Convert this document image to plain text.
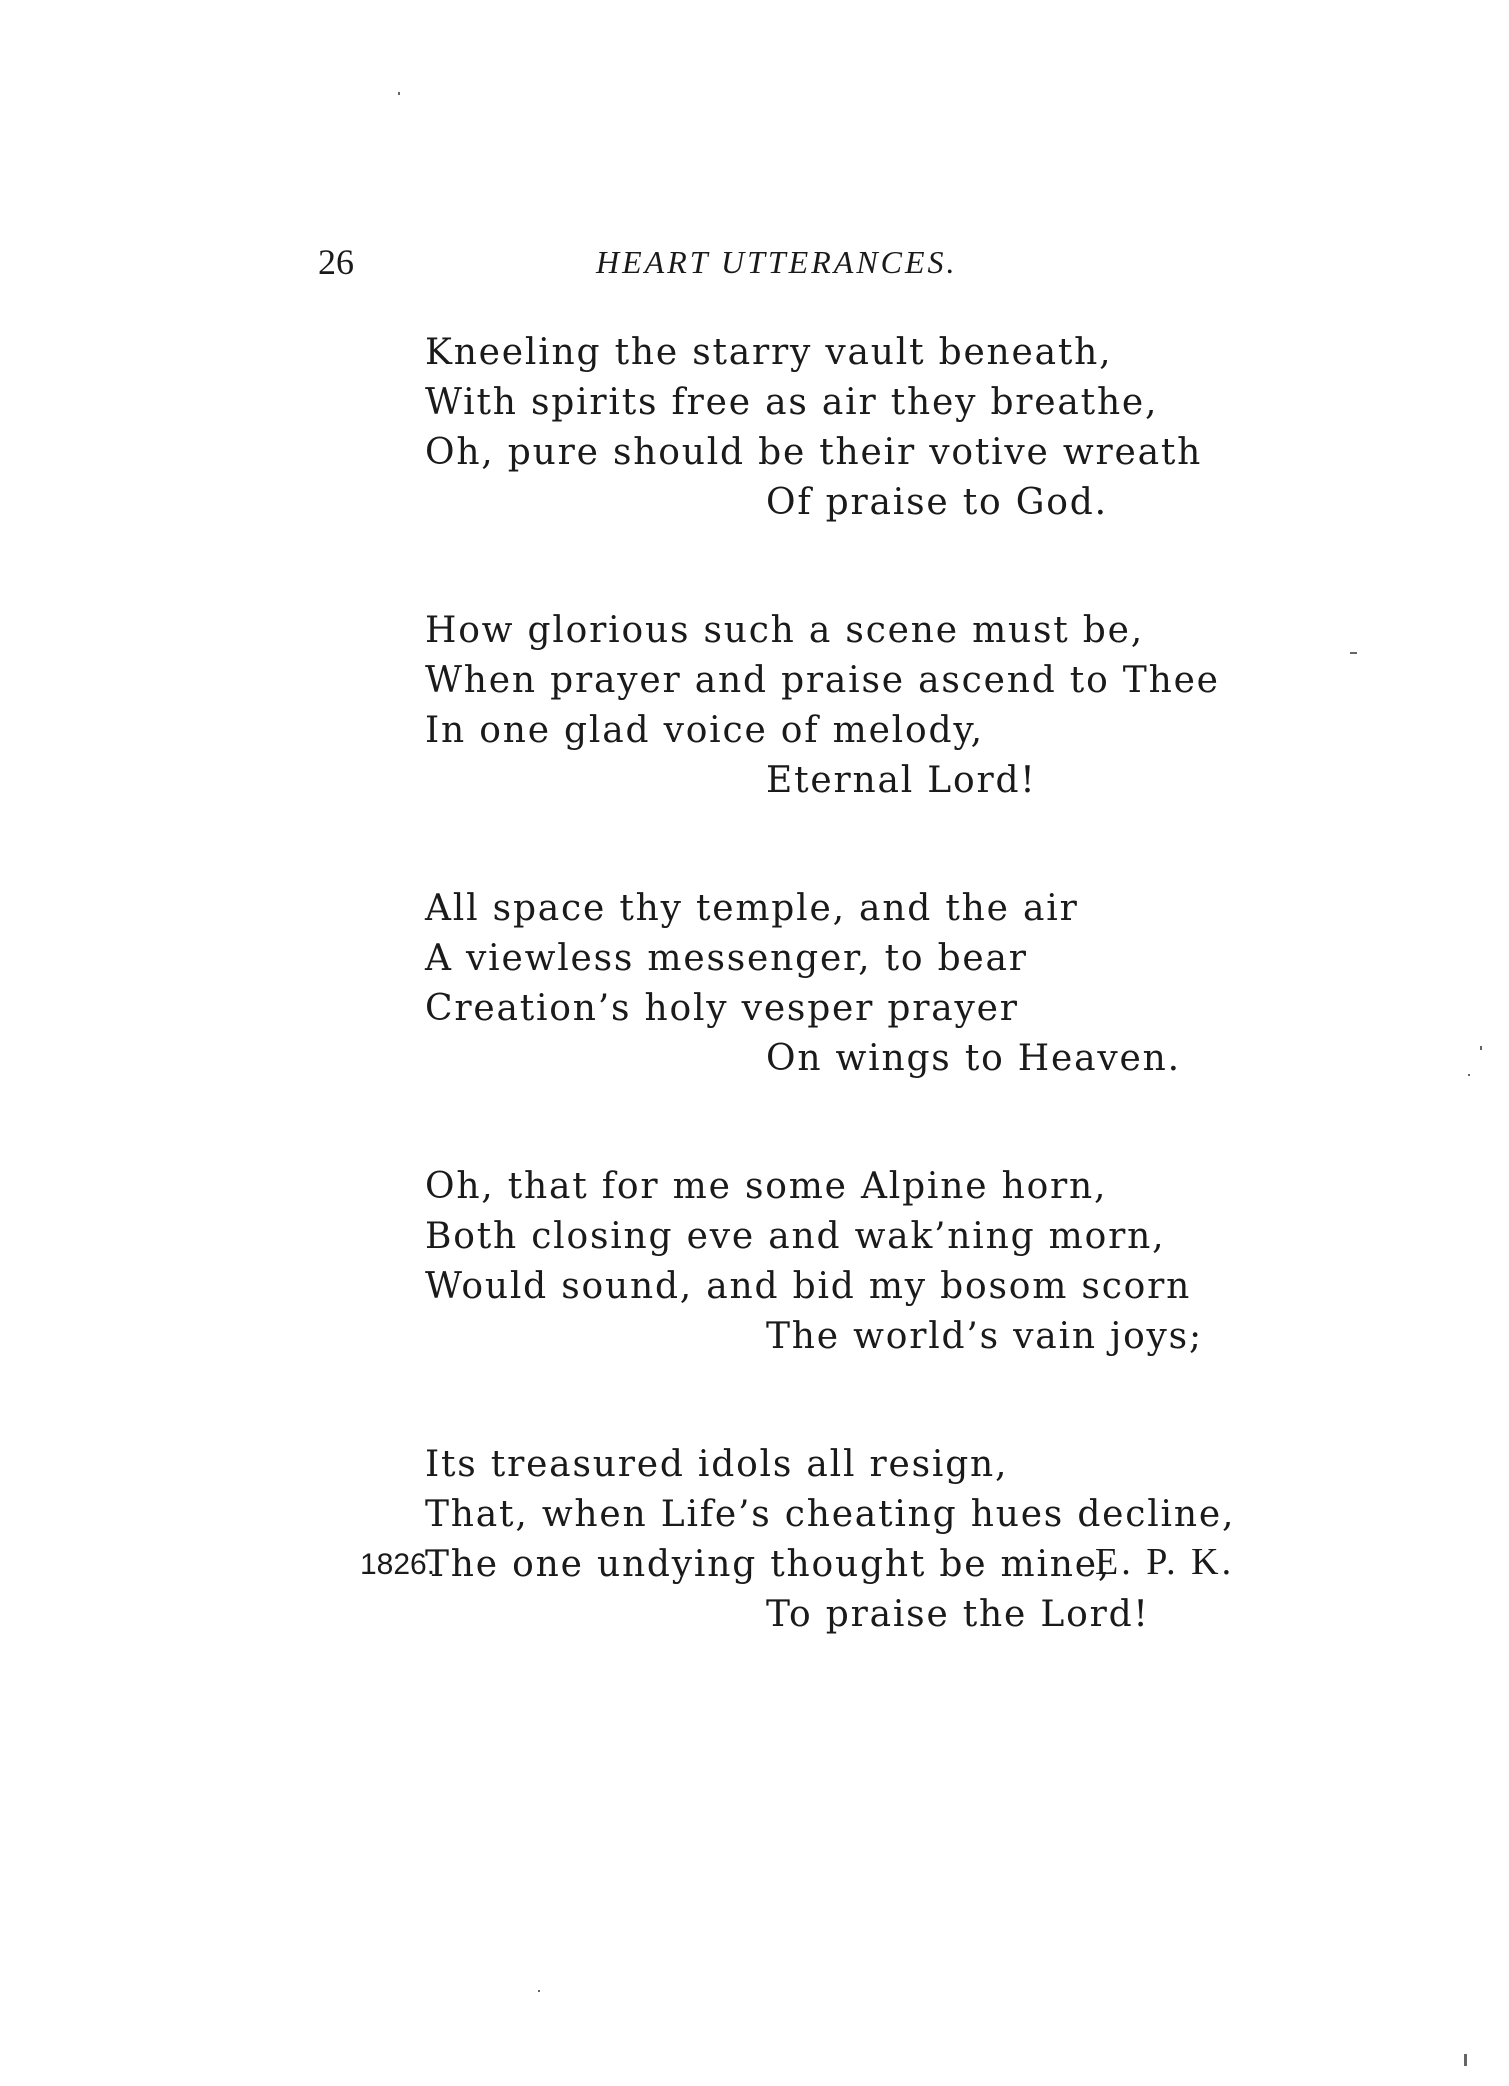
26	HEART UTTERANCES.
Kneeling the starry vault beneath,
With spirits free as air they breathe,
Oh, pure should be their votive wreath
Of praise to God.
How glorious such a scene must be,
When prayer and praise ascend to Thee
In one glad voice of melody,
Eternal Lord!
All space thy temple, and the air
A viewless messenger, to bear
Creation’s holy vesper prayer
On wings to Heaven.
Oh, that for me some Alpine horn,
Both closing eve and wak’ning morn,
Would sound, and bid my bosom scorn
The world’s vain joys;
Its treasured idols all resign,
That, when Life’s cheating hues decline,
The one undying thought be mine,
To praise the Lord!
1826.	E. P. K.
